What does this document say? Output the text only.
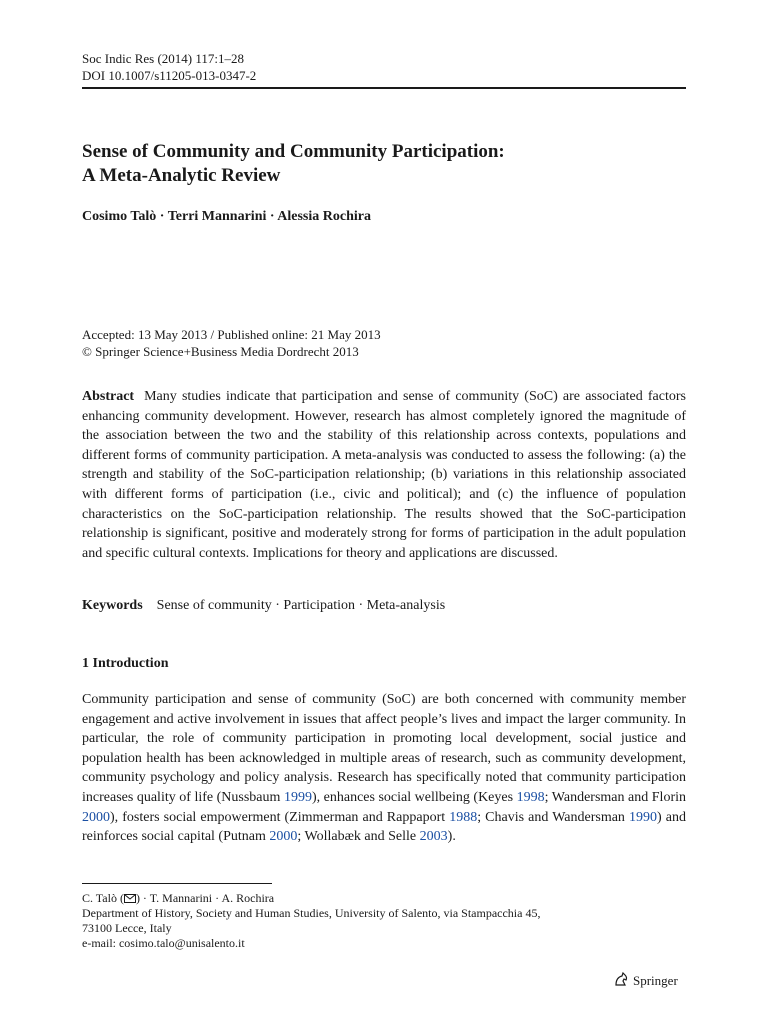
Soc Indic Res (2014) 117:1–28
DOI 10.1007/s11205-013-0347-2
Sense of Community and Community Participation:
A Meta-Analytic Review
Cosimo Talò · Terri Mannarini · Alessia Rochira
Accepted: 13 May 2013 / Published online: 21 May 2013
© Springer Science+Business Media Dordrecht 2013
Abstract Many studies indicate that participation and sense of community (SoC) are associated factors enhancing community development. However, research has almost completely ignored the magnitude of the association between the two and the stability of this relationship across contexts, populations and different forms of community participation. A meta-analysis was conducted to assess the following: (a) the strength and stability of the SoC-participation relationship; (b) variations in this relationship associated with different forms of participation (i.e., civic and political); and (c) the influence of population characteristics on the SoC-participation relationship. The results showed that the SoC-participation relationship is significant, positive and moderately strong for forms of participation in the adult population and specific cultural contexts. Implications for theory and applications are discussed.
Keywords Sense of community · Participation · Meta-analysis
1 Introduction
Community participation and sense of community (SoC) are both concerned with community member engagement and active involvement in issues that affect people’s lives and impact the larger community. In particular, the role of community participation in promoting local development, social justice and population health has been acknowledged in multiple areas of research, such as community development, community psychology and policy analysis. Research has specifically noted that community participation increases quality of life (Nussbaum 1999), enhances social wellbeing (Keyes 1998; Wandersman and Florin 2000), fosters social empowerment (Zimmerman and Rappaport 1988; Chavis and Wandersman 1990) and reinforces social capital (Putnam 2000; Wollabæk and Selle 2003).
C. Talò ( ) · T. Mannarini · A. Rochira
Department of History, Society and Human Studies, University of Salento, via Stampacchia 45,
73100 Lecce, Italy
e-mail: cosimo.talo@unisalento.it
Springer
